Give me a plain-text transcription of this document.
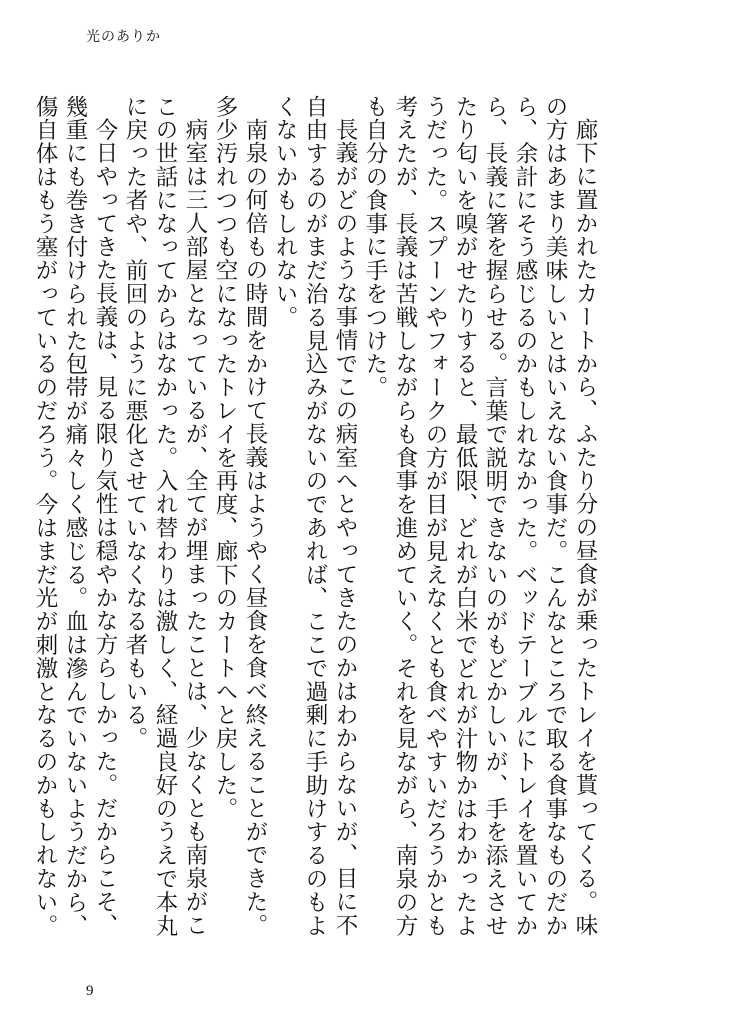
光のありか

廊下に置かれたカートから、ふたり分の昼食が乗ったトレイを貰ってくる。味の方はあまり美味しいとはいえない食事だ。こんなところで取る食事なものだから、余計にそう感じるのかもしれなかった。ベッドテーブルにトレイを置いてから、長義に箸を握らせる。言葉で説明できないのがもどかしいが、手を添えさせたり匂いを嗅がせたりすると、最低限、どれが白米でどれが汁物かはわかったようだった。スプーンやフォークの方が目が見えなくとも食べやすいだろうかとも考えたが、長義は苦戦しながらも食事を進めていく。それを見ながら、南泉の方も自分の食事に手をつけた。

長義がどのような事情でこの病室へとやってきたのかはわからないが、目に不自由するのがまだ治る見込みがないのであれば、ここで過剰に手助けするのもよくないかもしれない。

南泉の何倍もの時間をかけて長義はようやく昼食を食べ終えることができた。多少汚れつつも空になったトレイを再度、廊下のカートへと戻した。

病室は三人部屋となっているが、全てが埋まったことは、少なくとも南泉がここの世話になってからはなかった。入れ替わりは激しく、経過良好のうえで本丸に戻った者や、前回のように悪化させていなくなる者もいる。

今日やってきた長義は、見る限り気性は穏やかな方らしかった。だからこそ、幾重にも巻き付けられた包帯が痛々しく感じる。血は滲んでいないようだから、傷自体はもう塞がっているのだろう。今はまだ光が刺激となるのかもしれない。

9
